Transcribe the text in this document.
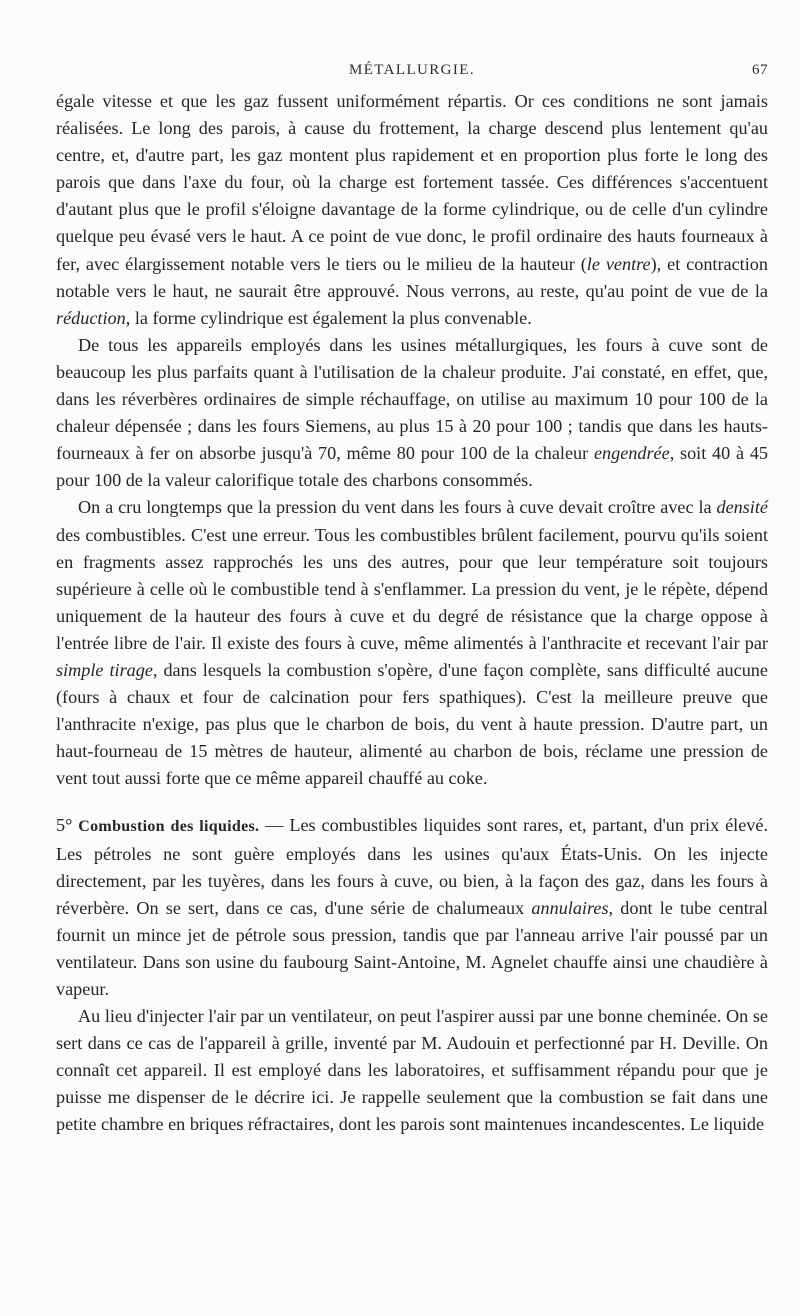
MÉTALLURGIE.	67

égale vitesse et que les gaz fussent uniformément répartis. Or ces conditions ne sont jamais réalisées. Le long des parois, à cause du frottement, la charge descend plus lentement qu'au centre, et, d'autre part, les gaz montent plus rapidement et en proportion plus forte le long des parois que dans l'axe du four, où la charge est fortement tassée. Ces différences s'accentuent d'autant plus que le profil s'éloigne davantage de la forme cylindrique, ou de celle d'un cylindre quelque peu évasé vers le haut. A ce point de vue donc, le profil ordinaire des hauts fourneaux à fer, avec élargissement notable vers le tiers ou le milieu de la hauteur (le ventre), et contraction notable vers le haut, ne saurait être approuvé. Nous verrons, au reste, qu'au point de vue de la réduction, la forme cylindrique est également la plus convenable.

De tous les appareils employés dans les usines métallurgiques, les fours à cuve sont de beaucoup les plus parfaits quant à l'utilisation de la chaleur produite. J'ai constaté, en effet, que, dans les réverbères ordinaires de simple réchauffage, on utilise au maximum 10 pour 100 de la chaleur dépensée ; dans les fours Siemens, au plus 15 à 20 pour 100 ; tandis que dans les hauts-fourneaux à fer on absorbe jusqu'à 70, même 80 pour 100 de la chaleur engendrée, soit 40 à 45 pour 100 de la valeur calorifique totale des charbons consommés.

On a cru longtemps que la pression du vent dans les fours à cuve devait croître avec la densité des combustibles. C'est une erreur. Tous les combustibles brûlent facilement, pourvu qu'ils soient en fragments assez rapprochés les uns des autres, pour que leur température soit toujours supérieure à celle où le combustible tend à s'enflammer. La pression du vent, je le répète, dépend uniquement de la hauteur des fours à cuve et du degré de résistance que la charge oppose à l'entrée libre de l'air. Il existe des fours à cuve, même alimentés à l'anthracite et recevant l'air par simple tirage, dans lesquels la combustion s'opère, d'une façon complète, sans difficulté aucune (fours à chaux et four de calcination pour fers spathiques). C'est la meilleure preuve que l'anthracite n'exige, pas plus que le charbon de bois, du vent à haute pression. D'autre part, un haut-fourneau de 15 mètres de hauteur, alimenté au charbon de bois, réclame une pression de vent tout aussi forte que ce même appareil chauffé au coke.

5° Combustion des liquides. — Les combustibles liquides sont rares, et, partant, d'un prix élevé. Les pétroles ne sont guère employés dans les usines qu'aux États-Unis. On les injecte directement, par les tuyères, dans les fours à cuve, ou bien, à la façon des gaz, dans les fours à réverbère. On se sert, dans ce cas, d'une série de chalumeaux annulaires, dont le tube central fournit un mince jet de pétrole sous pression, tandis que par l'anneau arrive l'air poussé par un ventilateur. Dans son usine du faubourg Saint-Antoine, M. Agnelet chauffe ainsi une chaudière à vapeur.

Au lieu d'injecter l'air par un ventilateur, on peut l'aspirer aussi par une bonne cheminée. On se sert dans ce cas de l'appareil à grille, inventé par M. Audouin et perfectionné par H. Deville. On connaît cet appareil. Il est employé dans les laboratoires, et suffisamment répandu pour que je puisse me dispenser de le décrire ici. Je rappelle seulement que la combustion se fait dans une petite chambre en briques réfractaires, dont les parois sont maintenues incandescentes. Le liquide
